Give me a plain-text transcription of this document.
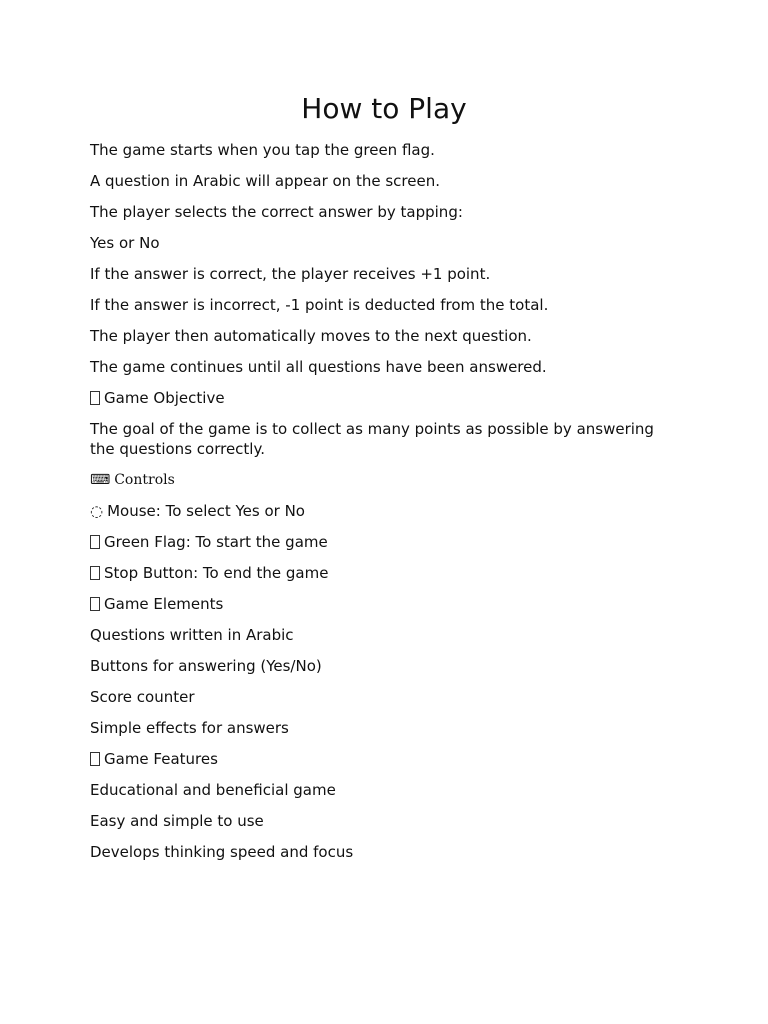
How to Play

The game starts when you tap the green flag.

A question in Arabic will appear on the screen.

The player selects the correct answer by tapping:

Yes or No

If the answer is correct, the player receives +1 point.

If the answer is incorrect, -1 point is deducted from the total.

The player then automatically moves to the next question.

The game continues until all questions have been answered.

Game Objective

The goal of the game is to collect as many points as possible by answering the questions correctly.

⌨ Controls

◌ Mouse: To select Yes or No

Green Flag: To start the game

Stop Button: To end the game

Game Elements

Questions written in Arabic

Buttons for answering (Yes/No)

Score counter

Simple effects for answers

Game Features

Educational and beneficial game

Easy and simple to use

Develops thinking speed and focus
